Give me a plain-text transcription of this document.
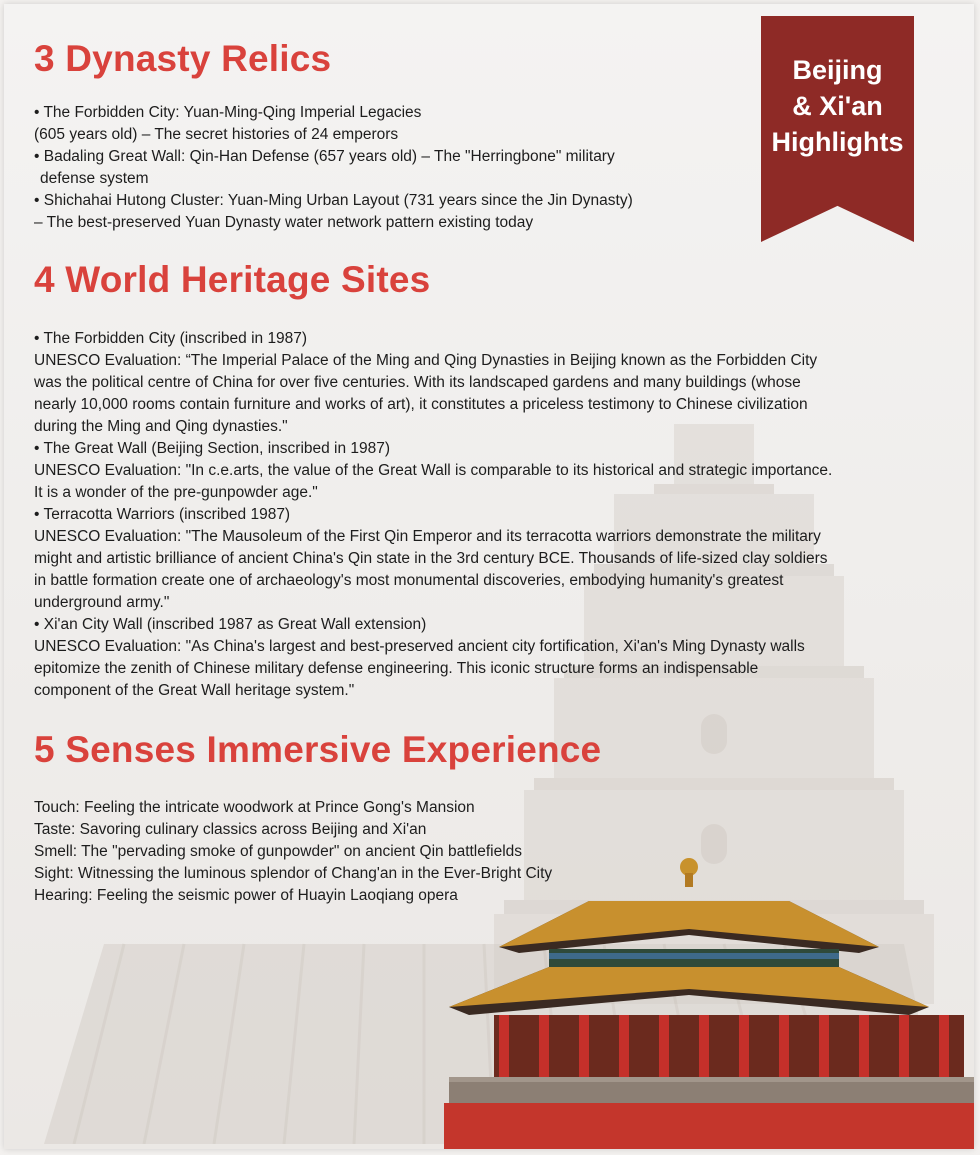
Beijing
& Xi'an
Highlights
3 Dynasty Relics

• The Forbidden City: Yuan-Ming-Qing Imperial Legacies

(605 years old) – The secret histories of 24 emperors

• Badaling Great Wall: Qin-Han Defense (657 years old) – The "Herringbone" military

defense system

• Shichahai Hutong Cluster: Yuan-Ming Urban Layout (731 years since the Jin Dynasty)

– The best-preserved Yuan Dynasty water network pattern existing today

4 World Heritage Sites

• The Forbidden City (inscribed in 1987)

UNESCO Evaluation: “The Imperial Palace of the Ming and Qing Dynasties in Beijing known as the Forbidden City

was the political centre of China for over five centuries. With its landscaped gardens and many buildings (whose

nearly 10,000 rooms contain furniture and works of art), it constitutes a priceless testimony to Chinese civilization

during the Ming and Qing dynasties."

• The Great Wall (Beijing Section, inscribed in 1987)

UNESCO Evaluation: "In c.e.arts, the value of the Great Wall is comparable to its historical and strategic importance.

It is a wonder of the pre-gunpowder age."

• Terracotta Warriors (inscribed 1987)

UNESCO Evaluation: "The Mausoleum of the First Qin Emperor and its terracotta warriors demonstrate the military

might and artistic brilliance of ancient China's Qin state in the 3rd century BCE. Thousands of life-sized clay soldiers

in battle formation create one of archaeology's most monumental discoveries, embodying humanity's greatest

underground army."

• Xi'an City Wall (inscribed 1987 as Great Wall extension)

UNESCO Evaluation: "As China's largest and best-preserved ancient city fortification, Xi'an's Ming Dynasty walls

epitomize the zenith of Chinese military defense engineering. This iconic structure forms an indispensable

component of the Great Wall heritage system."

5 Senses Immersive Experience

Touch: Feeling the intricate woodwork at Prince Gong's Mansion

Taste: Savoring culinary classics across Beijing and Xi'an

Smell: The "pervading smoke of gunpowder" on ancient Qin battlefields

Sight: Witnessing the luminous splendor of Chang'an in the Ever-Bright City

Hearing: Feeling the seismic power of Huayin Laoqiang opera
